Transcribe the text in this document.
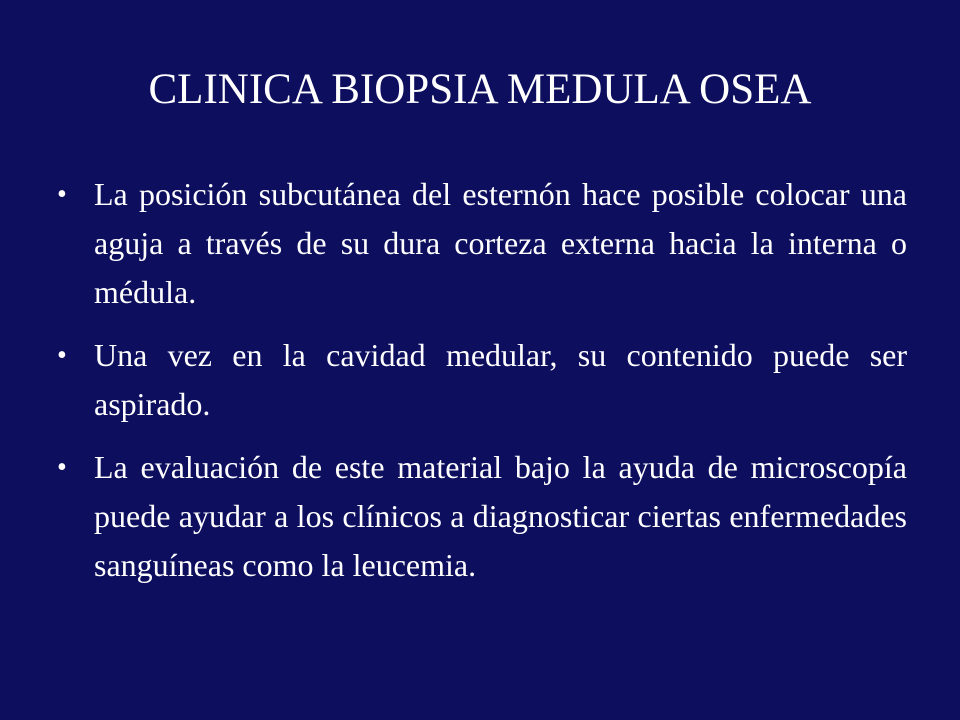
CLINICA BIOPSIA MEDULA OSEA
• La posición subcutánea del esternón hace posible colocar una aguja a través de su dura corteza externa hacia la interna o médula.
• Una vez en la cavidad medular, su contenido puede ser aspirado.
• La evaluación de este material bajo la ayuda de microscopía puede ayudar a los clínicos a diagnosticar ciertas enfermedades sanguíneas como la leucemia.
